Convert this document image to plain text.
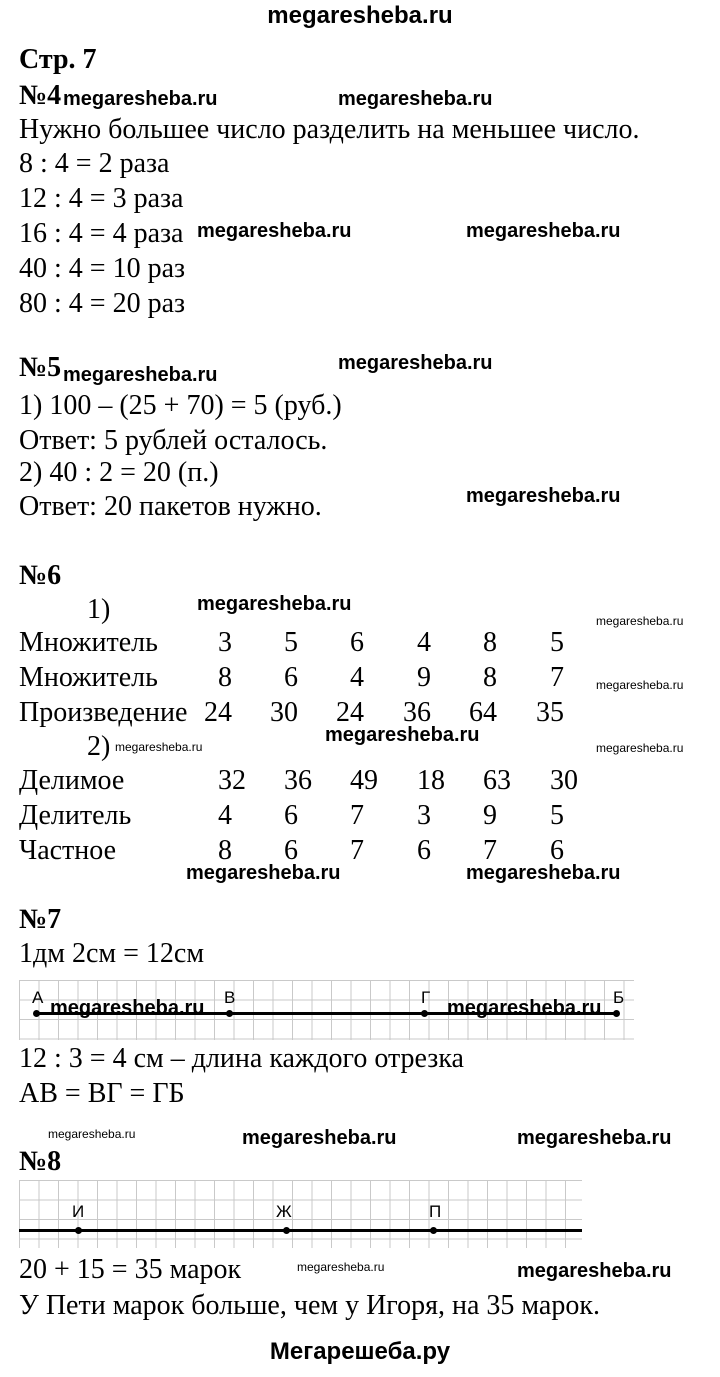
megaresheba.ru
Стр. 7
№4 megaresheba.ru	megaresheba.ru
Нужно большее число разделить на меньшее число.
8 : 4 = 2 раза
12 : 4 = 3 раза
16 : 4 = 4 раза megaresheba.ru	megaresheba.ru
40 : 4 = 10 раз
80 : 4 = 20 раз
№5 megaresheba.ru
megaresheba.ru
1) 100 – (25 + 70) = 5 (руб.)
Ответ: 5 рублей осталось.
2) 40 : 2 = 20 (п.)
Ответ: 20 пакетов нужно.	megaresheba.ru
№6
1)	megaresheba.ru
megaresheba.ru
megaresheba.ru
Множитель 3 5 6 4 8 5
Множитель 8 6 4 9 8 7
Произведение 24 30 24 36 64 35
2) megaresheba.ru
megaresheba.ru
megaresheba.ru
Делимое	32 36 49 18 63 30
Делитель	4 6 7 3 9 5
Частное	8 6 7 6 7 6
megaresheba.ru	megaresheba.ru
№7
1дм 2см = 12см
А	В	Г	Б
megaresheba.ru	megaresheba.ru
12 : 3 = 4 см – длина каждого отрезка
АВ = ВГ = ГБ
megaresheba.ru	megaresheba.ru	megaresheba.ru
№8
И	Ж	П
20 + 15 = 35 марок	megaresheba.ru	megaresheba.ru
У Пети марок больше, чем у Игоря, на 35 марок.
Мегарешеба.ру
